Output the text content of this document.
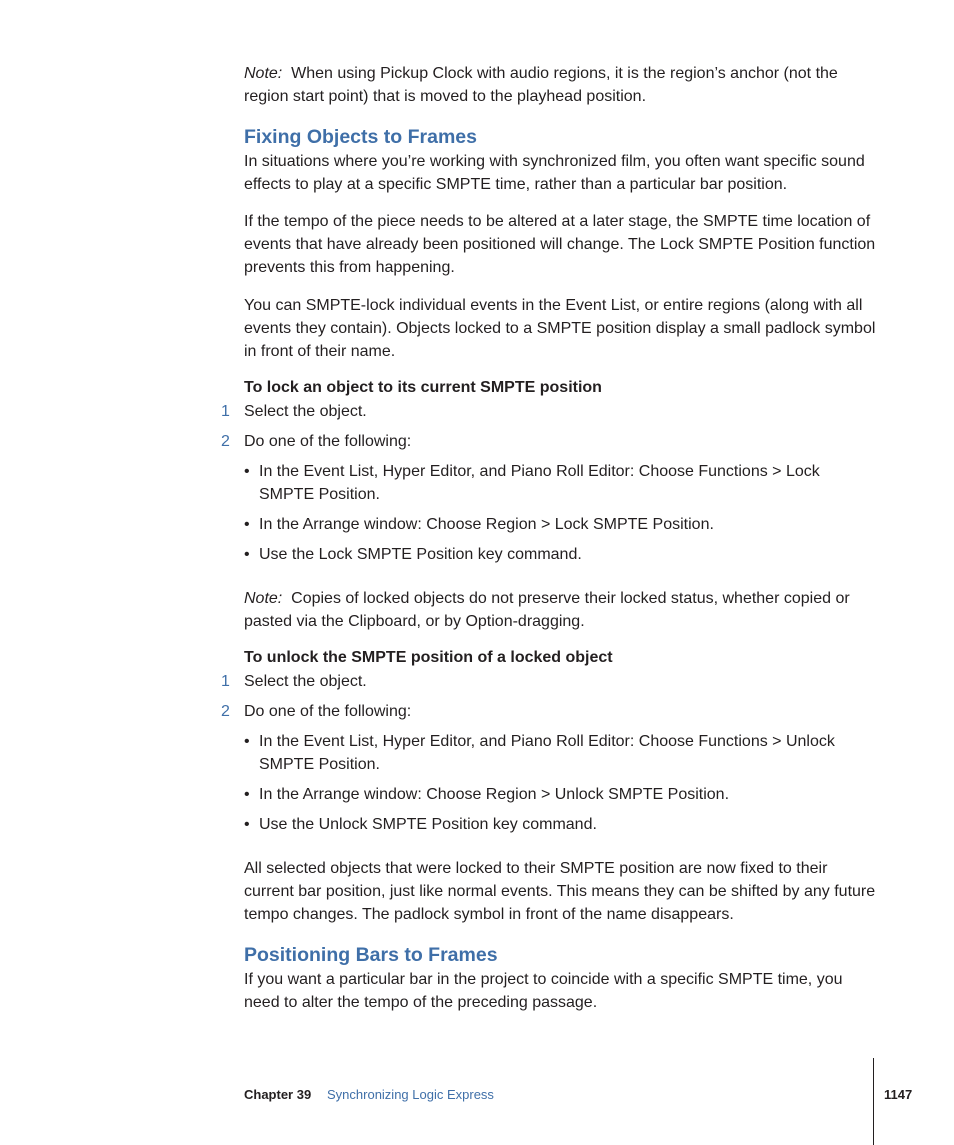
Note: When using Pickup Clock with audio regions, it is the region’s anchor (not the region start point) that is moved to the playhead position.

Fixing Objects to Frames

In situations where you’re working with synchronized film, you often want specific sound effects to play at a specific SMPTE time, rather than a particular bar position.

If the tempo of the piece needs to be altered at a later stage, the SMPTE time location of events that have already been positioned will change. The Lock SMPTE Position function prevents this from happening.

You can SMPTE-lock individual events in the Event List, or entire regions (along with all events they contain). Objects locked to a SMPTE position display a small padlock symbol in front of their name.

To lock an object to its current SMPTE position
1 Select the object.
2 Do one of the following:
• In the Event List, Hyper Editor, and Piano Roll Editor: Choose Functions > Lock SMPTE Position.
• In the Arrange window: Choose Region > Lock SMPTE Position.
• Use the Lock SMPTE Position key command.

Note: Copies of locked objects do not preserve their locked status, whether copied or pasted via the Clipboard, or by Option-dragging.

To unlock the SMPTE position of a locked object
1 Select the object.
2 Do one of the following:
• In the Event List, Hyper Editor, and Piano Roll Editor: Choose Functions > Unlock SMPTE Position.
• In the Arrange window: Choose Region > Unlock SMPTE Position.
• Use the Unlock SMPTE Position key command.

All selected objects that were locked to their SMPTE position are now fixed to their current bar position, just like normal events. This means they can be shifted by any future tempo changes. The padlock symbol in front of the name disappears.

Positioning Bars to Frames

If you want a particular bar in the project to coincide with a specific SMPTE time, you need to alter the tempo of the preceding passage.

Chapter 39 Synchronizing Logic Express	1147
